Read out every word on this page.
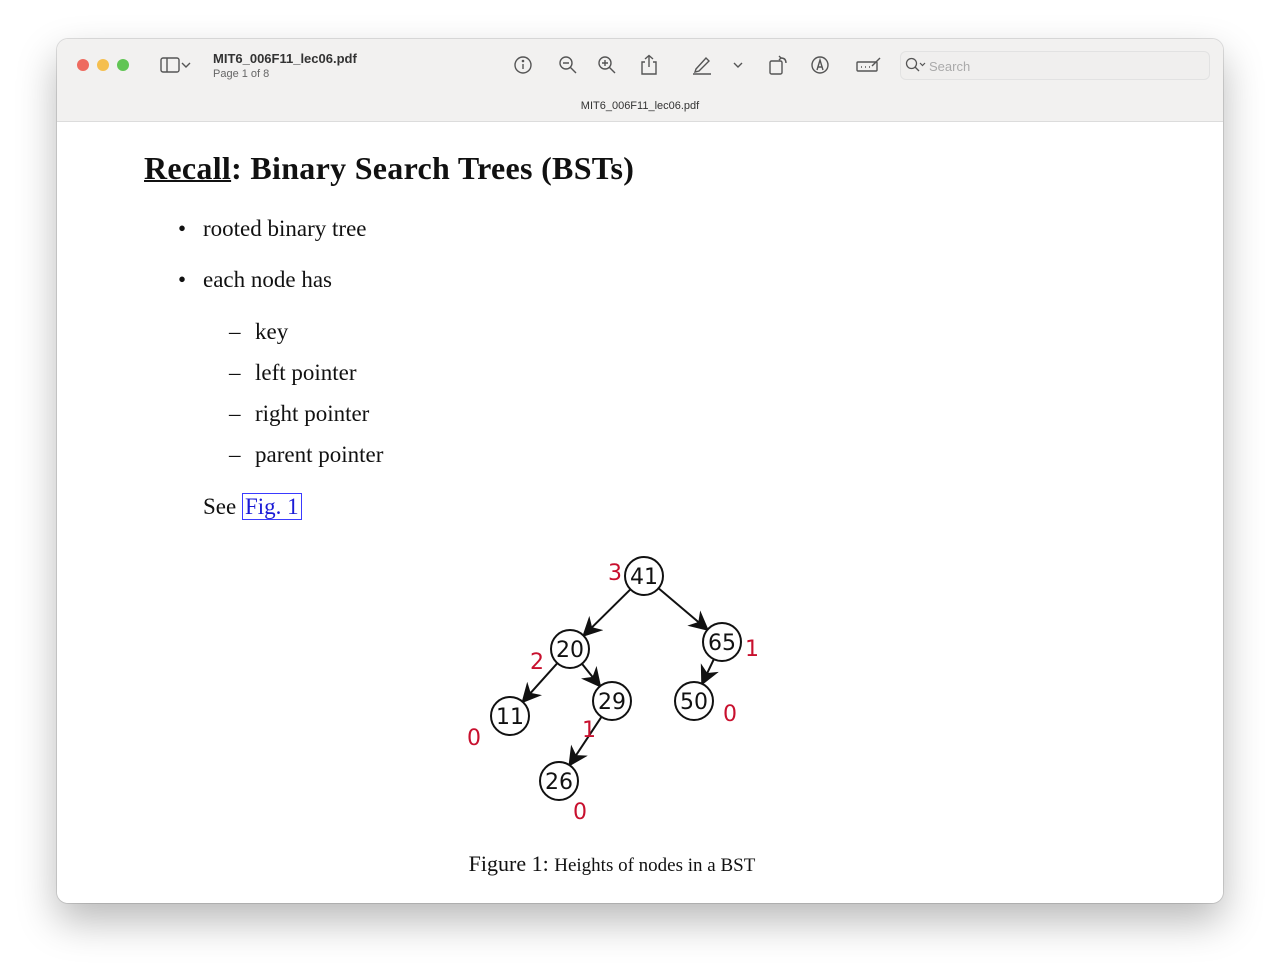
MIT6_006F11_lec06.pdf
Page 1 of 8	Search
MIT6_006F11_lec06.pdf
Recall: Binary Search Trees (BSTs)
• rooted binary tree
• each node has
– key
– left pointer
– right pointer
– parent pointer
See Fig. 1
41
3
20
2
65 1
11
0
29
1
50 0
26
0
Figure 1: Heights of nodes in a BST
